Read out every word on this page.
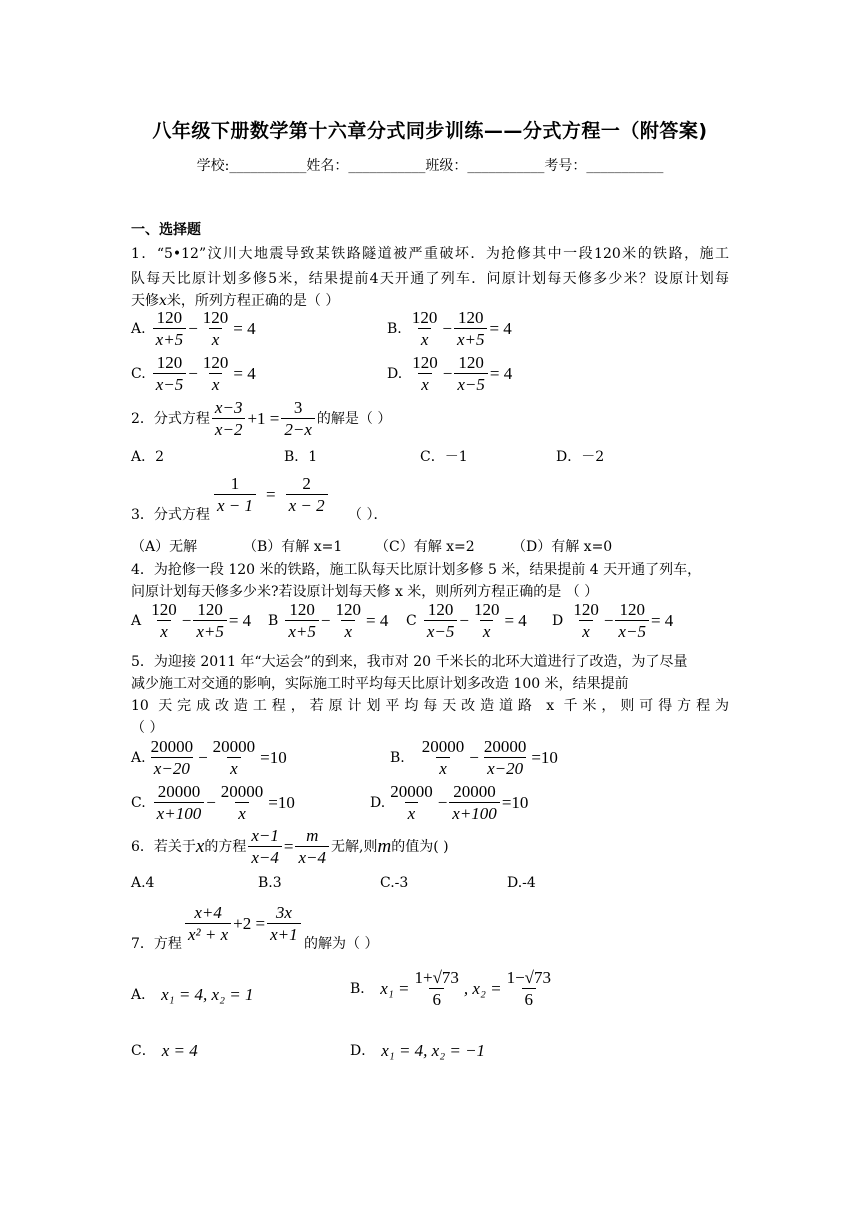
八年级下册数学第十六章分式同步训练——分式方程一（附答案)
学校:___________姓名：___________班级：___________考号：___________
一、选择题
1．“5•12”汶川大地震导致某铁路隧道被严重破坏．为抢修其中一段120米的铁路，施工
队每天比原计划多修5米，结果提前4天开通了列车．问原计划每天修多少米？设原计划每
天修x米，所列方程正确的是（ ）
A. $\frac{120}{x+5} - \frac{120}{x} = 4$	B. $\frac{120}{x} - \frac{120}{x+5} = 4$
C. $\frac{120}{x-5} - \frac{120}{x} = 4$	D. $\frac{120}{x} - \frac{120}{x-5} = 4$
2．分式方程 $\frac{x-3}{x-2} +1 = \frac{3}{2-x}$ 的解是（ ）
A．2	B．1	C．－1	D．－2
3．分式方程 $\frac{1}{x - 1} = \frac{2}{x - 2}$ （ ）．
（A）无解	（B）有解 x=1 （C）有解 x=2	（D）有解 x=0
4．为抢修一段 120 米的铁路，施工队每天比原计划多修 5 米，结果提前 4 天开通了列车，
问原计划每天修多少米?若设原计划每天修 x 米，则所列方程正确的是 （ ）
A $\frac{120}{x} - \frac{120}{x+5} = 4$ B $\frac{120}{x+5} - \frac{120}{x} = 4$ C $\frac{120}{x-5} - \frac{120}{x} = 4$ D $\frac{120}{x} - \frac{120}{x-5} = 4$
5．为迎接 2011 年“大运会”的到来，我市对 20 千米长的北环大道进行了改造，为了尽量
减少施工对交通的影响，实际施工时平均每天比原计划多改造 100 米，结果提前
10 天完成改造工程，若原计划平均每天改造道路 x 千米，则可得方程为
（ ）
A. $\frac{20000}{x-20} - \frac{20000}{x} =10$	B. $\frac{20000}{x} - \frac{20000}{x-20} =10$
C. $\frac{20000}{x+100} - \frac{20000}{x} =10$	D. $\frac{20000}{x} - \frac{20000}{x+100} =10$
6．若关于x的方程 $\frac{x-1}{x-4} = \frac{m}{x-4}$ 无解,则m的值为( )
A.4	B.3	C.-3	D.-4
7．方程 $\frac{x+4}{\text{x² + x}} +2 = \frac{3x}{x+1}$ 的解为（ ）
A． x₁ = 4, x₂ = 1	B． $x_1 = \frac{1+√73}{6}$ , $x_2 = \frac{1-√73}{6}$
C． x = 4	D． x₁ = 4, x₂ = −1
